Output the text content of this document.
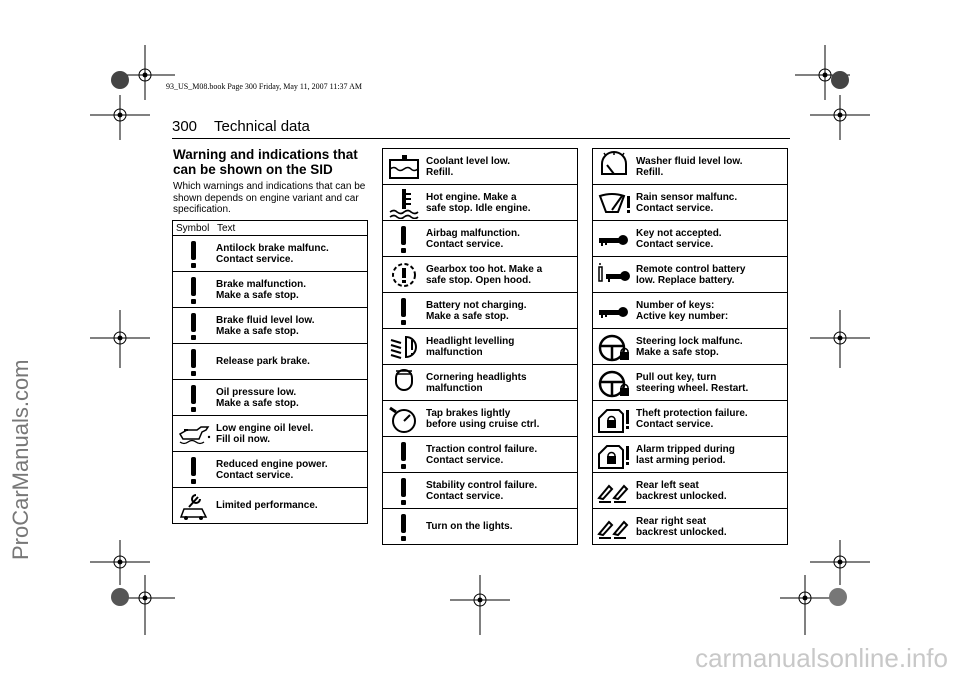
93_US_M08.book Page 300 Friday, May 11, 2007 11:37 AM
300 Technical data
Warning and indications that can be shown on the SID
Which warnings and indications that can be shown depends on engine variant and car specification.
Symbol	Text

Antilock brake malfunc.
Contact service.

Brake malfunction.
Make a safe stop.

Brake fluid level low.
Make a safe stop.

Release park brake.

Oil pressure low.
Make a safe stop.

Low engine oil level.
Fill oil now.

Reduced engine power.
Contact service.

Limited performance.

Coolant level low.
Refill.

Hot engine. Make a
safe stop. Idle engine.

Airbag malfunction.
Contact service.

Gearbox too hot. Make a
safe stop. Open hood.

Battery not charging.
Make a safe stop.

Headlight levelling
malfunction

Cornering headlights
malfunction

Tap brakes lightly
before using cruise ctrl.

Traction control failure.
Contact service.

Stability control failure.
Contact service.

Turn on the lights.

Washer fluid level low.
Refill.

Rain sensor malfunc.
Contact service.

Key not accepted.
Contact service.

Remote control battery
low. Replace battery.

Number of keys:
Active key number:

Steering lock malfunc.
Make a safe stop.

Pull out key, turn
steering wheel. Restart.

Theft protection failure.
Contact service.

Alarm tripped during
last arming period.

Rear left seat
backrest unlocked.

Rear right seat
backrest unlocked.
ProCarManuals.com
carmanualsonline.info
